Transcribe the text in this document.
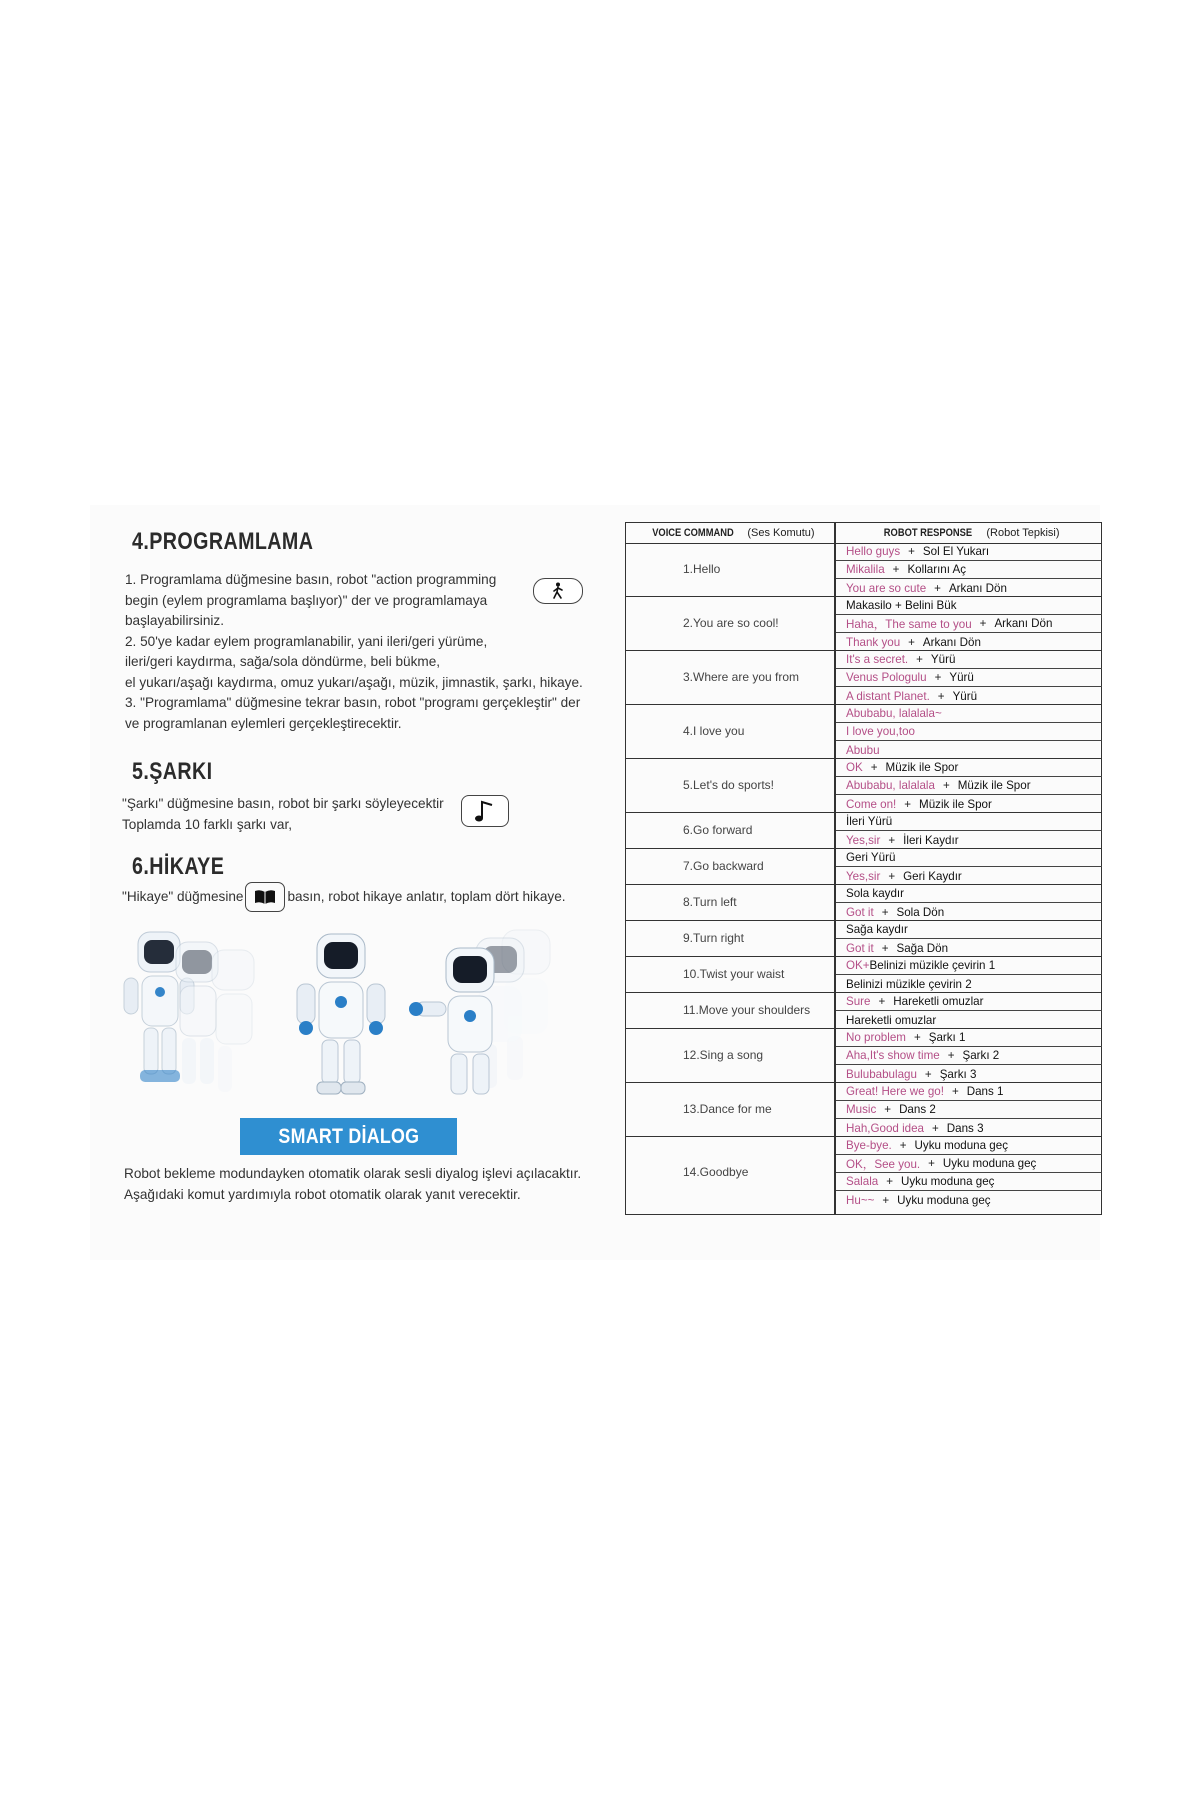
4.PROGRAMLAMA
1. Programlama düğmesine basın, robot "action programming
begin (eylem programlama başlıyor)" der ve programlamaya
başlayabilirsiniz.
2. 50'ye kadar eylem programlanabilir, yani ileri/geri yürüme,
ileri/geri kaydırma, sağa/sola döndürme, beli bükme,
el yukarı/aşağı kaydırma, omuz yukarı/aşağı, müzik, jimnastik, şarkı, hikaye.
3. "Programlama" düğmesine tekrar basın, robot "programı gerçekleştir" der
ve programlanan eylemleri gerçekleştirecektir.
5.ŞARKI
"Şarkı" düğmesine basın, robot bir şarkı söyleyecektir
Toplamda 10 farklı şarkı var,
6.HİKAYE
"Hikaye" düğmesine	basın, robot hikaye anlatır, toplam dört hikaye.
SMART DİALOG
Robot bekleme modundayken otomatik olarak sesli diyalog işlevi açılacaktır.
Aşağıdaki komut yardımıyla robot otomatik olarak yanıt verecektir.
VOICE COMMAND (Ses Komutu)	ROBOT RESPONSE (Robot Tepkisi)
1.Hello
Hello guys + Sol El Yukarı
Mikalila + Kollarını Aç
You are so cute + Arkanı Dön
2.You are so cool!
Makasilo + Belini Bük
Haha，The same to you + Arkanı Dön
Thank you + Arkanı Dön
3.Where are you from
It's a secret. + Yürü
Venus Pologulu + Yürü
A distant Planet. + Yürü
4.I love you
Abubabu, lalalala~
I love you,too
Abubu
5.Let's do sports!
OK + Müzik ile Spor
Abubabu, lalalala + Müzik ile Spor
Come on! + Müzik ile Spor
6.Go forward
İleri Yürü
Yes,sir + İleri Kaydır
7.Go backward
Geri Yürü
Yes,sir + Geri Kaydır
8.Turn left
Sola kaydır
Got it + Sola Dön
9.Turn right
Sağa kaydır
Got it + Sağa Dön
10.Twist your waist
OK+ Belinizi müzikle çevirin 1
Belinizi müzikle çevirin 2
11.Move your shoulders
Sure + Hareketli omuzlar
Hareketli omuzlar
12.Sing a song
No problem + Şarkı 1
Aha,It's show time + Şarkı 2
Bulubabulagu + Şarkı 3
13.Dance for me
Great! Here we go! + Dans 1
Music + Dans 2
Hah,Good idea + Dans 3
14.Goodbye
Bye-bye. + Uyku moduna geç
OK，See you. + Uyku moduna geç
Salala + Uyku moduna geç
Hu~~ + Uyku moduna geç
